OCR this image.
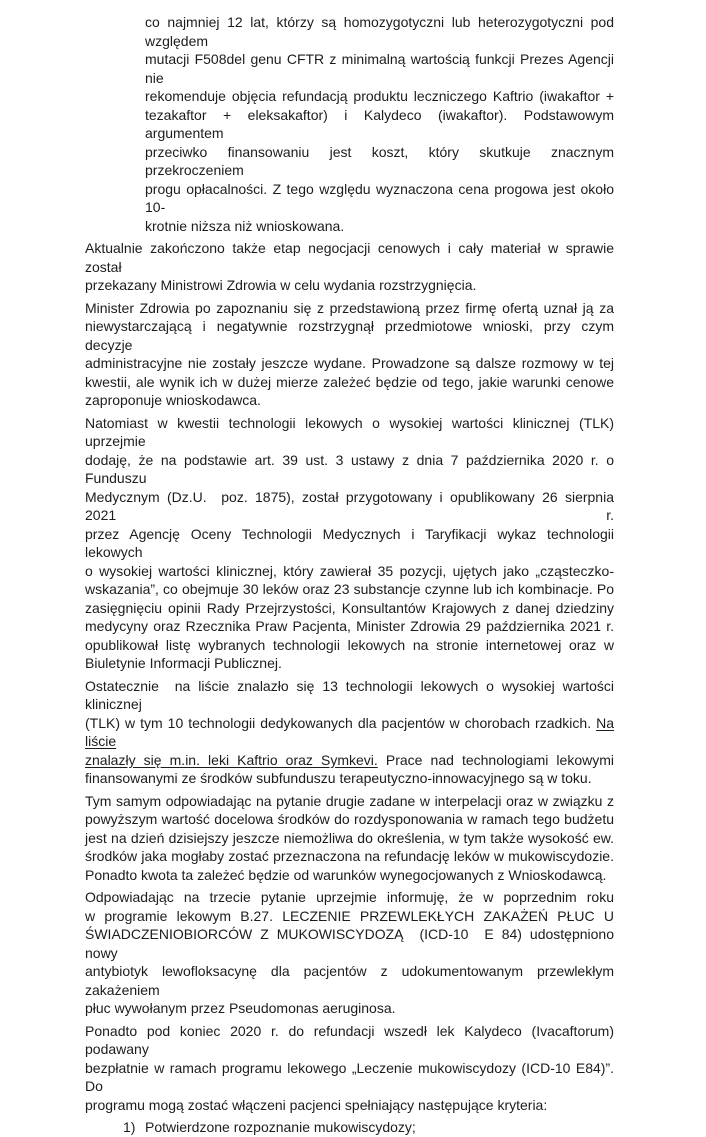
co najmniej 12 lat, którzy są homozygotyczni lub heterozygotyczni pod względem
mutacji F508del genu CFTR z minimalną wartością funkcji Prezes Agencji nie
rekomenduje objęcia refundacją produktu leczniczego Kaftrio (iwakaftor +
tezakaftor + eleksakaftor) i Kalydeco (iwakaftor). Podstawowym argumentem
przeciwko finansowaniu jest koszt, który skutkuje znacznym przekroczeniem
progu opłacalności. Z tego względu wyznaczona cena progowa jest około 10-
krotnie niższa niż wnioskowana.
Aktualnie zakończono także etap negocjacji cenowych i cały materiał w sprawie został
przekazany Ministrowi Zdrowia w celu wydania rozstrzygnięcia.
Minister Zdrowia po zapoznaniu się z przedstawioną przez firmę ofertą uznał ją za
niewystarczającą i negatywnie rozstrzygnął przedmiotowe wnioski, przy czym decyzje
administracyjne nie zostały jeszcze wydane. Prowadzone są dalsze rozmowy w tej
kwestii, ale wynik ich w dużej mierze zależeć będzie od tego, jakie warunki cenowe
zaproponuje wnioskodawca.
Natomiast w kwestii technologii lekowych o wysokiej wartości klinicznej (TLK) uprzejmie
dodaję, że na podstawie art. 39 ust. 3 ustawy z dnia 7 października 2020 r. o Funduszu
Medycznym (Dz.U.  poz. 1875), został przygotowany i opublikowany 26 sierpnia 2021 r.
przez Agencję Oceny Technologii Medycznych i Taryfikacji wykaz technologii lekowych
o wysokiej wartości klinicznej, który zawierał 35 pozycji, ujętych jako „cząsteczko-
wskazania”, co obejmuje 30 leków oraz 23 substancje czynne lub ich kombinacje. Po
zasięgnięciu opinii Rady Przejrzystości, Konsultantów Krajowych z danej dziedziny
medycyny oraz Rzecznika Praw Pacjenta, Minister Zdrowia 29 października 2021 r.
opublikował listę wybranych technologii lekowych na stronie internetowej oraz w
Biuletynie Informacji Publicznej.
Ostatecznie  na liście znalazło się 13 technologii lekowych o wysokiej wartości klinicznej
(TLK) w tym 10 technologii dedykowanych dla pacjentów w chorobach rzadkich. Na liście
znalazły się m.in. leki Kaftrio oraz Symkevi. Prace nad technologiami lekowymi
finansowanymi ze środków subfunduszu terapeutyczno-innowacyjnego są w toku.
Tym samym odpowiadając na pytanie drugie zadane w interpelacji oraz w związku z
powyższym wartość docelowa środków do rozdysponowania w ramach tego budżetu
jest na dzień dzisiejszy jeszcze niemożliwa do określenia, w tym także wysokość ew.
środków jaka mogłaby zostać przeznaczona na refundację leków w mukowiscydozie.
Ponadto kwota ta zależeć będzie od warunków wynegocjowanych z Wnioskodawcą.
Odpowiadając na trzecie pytanie uprzejmie informuję, że w poprzednim roku
w programie lekowym B.27. LECZENIE PRZEWLEKŁYCH ZAKAŻEŃ PŁUC U
ŚWIADCZENIOBIORCÓW Z MUKOWISCYDOZĄ  (ICD-10  E 84) udostępniono nowy
antybiotyk lewofloksacynę dla pacjentów z udokumentowanym przewlekłym zakażeniem
płuc wywołanym przez Pseudomonas aeruginosa.
Ponadto pod koniec 2020 r. do refundacji wszedł lek Kalydeco (Ivacaftorum) podawany
bezpłatnie w ramach programu lekowego „Leczenie mukowiscydozy (ICD-10 E84)”. Do
programu mogą zostać włączeni pacjenci spełniający następujące kryteria:
1) Potwierdzone rozpoznanie mukowiscydozy;
